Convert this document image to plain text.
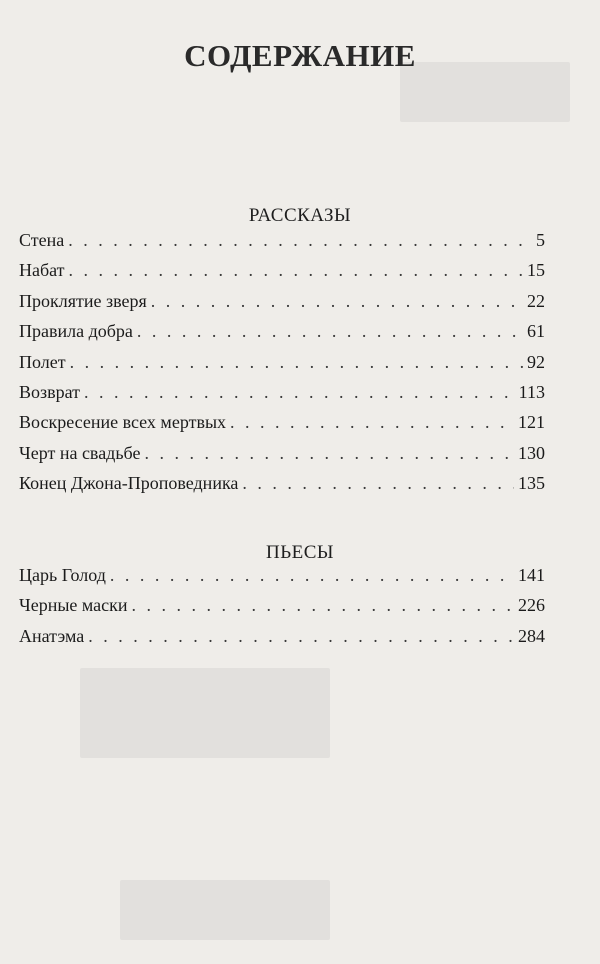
СОДЕРЖАНИЕ
РАССКАЗЫ
Стена . . .	5
Набат . . .	15
Проклятие зверя . . .	22
Правила добра . . .	61
Полет . . .	92
Возврат . . .	113
Воскресение всех мертвых . . .	121
Черт на свадьбе . . .	130
Конец Джона-Проповедника . . .	135
ПЬЕСЫ
Царь Голод . . .	141
Черные маски . . .	226
Анатэма . . .	284
